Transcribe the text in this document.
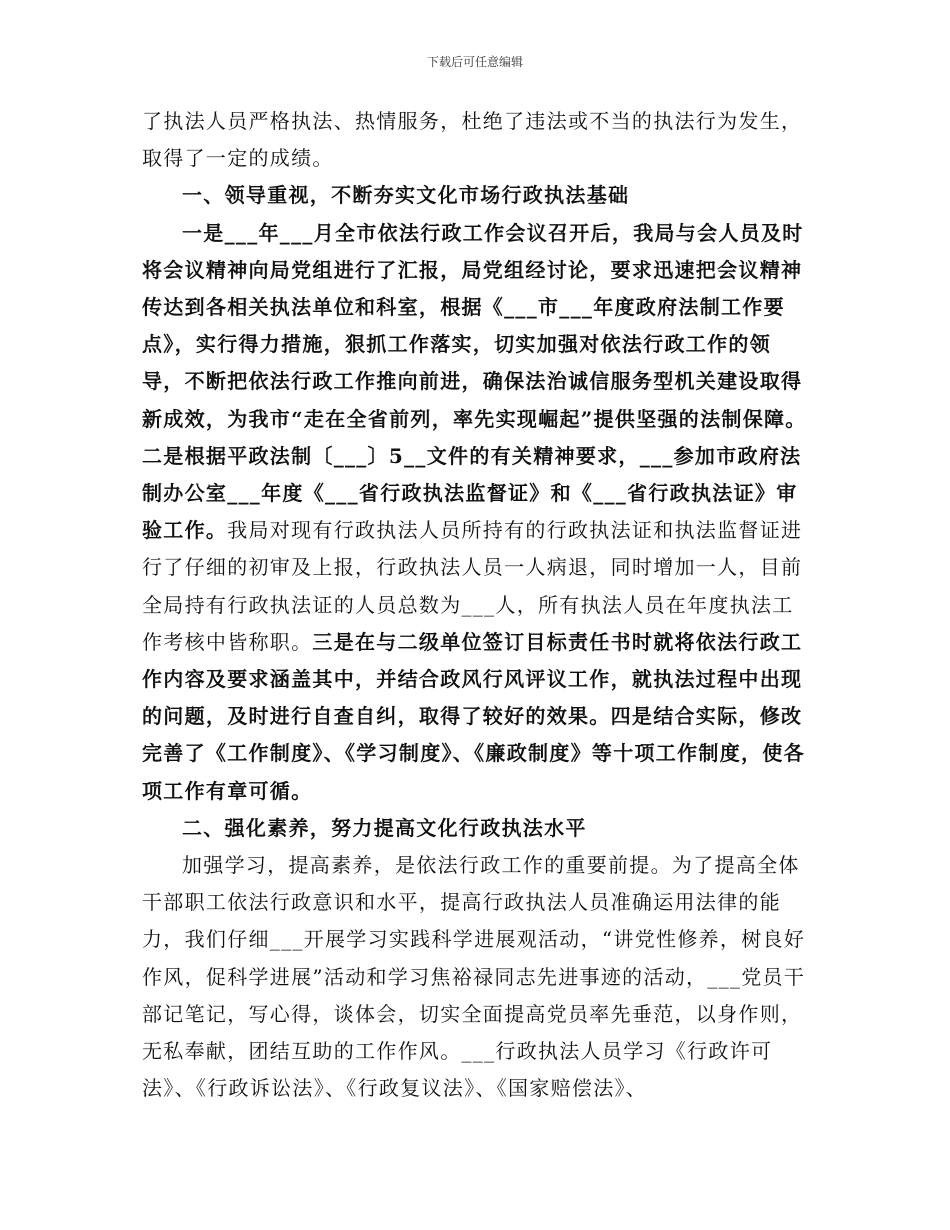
下载后可任意编辑

了执法人员严格执法、热情服务，杜绝了违法或不当的执法行为发生，取得了一定的成绩。

一、领导重视，不断夯实文化市场行政执法基础

一是___年___月全市依法行政工作会议召开后，我局与会人员及时将会议精神向局党组进行了汇报，局党组经讨论，要求迅速把会议精神传达到各相关执法单位和科室，根据《___市___年度政府法制工作要点》，实行得力措施，狠抓工作落实，切实加强对依法行政工作的领导，不断把依法行政工作推向前进，确保法治诚信服务型机关建设取得新成效，为我市“走在全省前列，率先实现崛起”提供坚强的法制保障。二是根据平政法制〔___〕5__文件的有关精神要求，___参加市政府法制办公室___年度《___省行政执法监督证》和《___省行政执法证》审验工作。我局对现有行政执法人员所持有的行政执法证和执法监督证进行了仔细的初审及上报，行政执法人员一人病退，同时增加一人，目前全局持有行政执法证的人员总数为___人，所有执法人员在年度执法工作考核中皆称职。三是在与二级单位签订目标责任书时就将依法行政工作内容及要求涵盖其中，并结合政风行风评议工作，就执法过程中出现的问题，及时进行自查自纠，取得了较好的效果。四是结合实际，修改完善了《工作制度》、《学习制度》、《廉政制度》等十项工作制度，使各项工作有章可循。

二、强化素养，努力提高文化行政执法水平

加强学习，提高素养，是依法行政工作的重要前提。为了提高全体干部职工依法行政意识和水平，提高行政执法人员准确运用法律的能力，我们仔细___开展学习实践科学进展观活动，“讲党性修养，树良好作风，促科学进展”活动和学习焦裕禄同志先进事迹的活动，___党员干部记笔记，写心得，谈体会，切实全面提高党员率先垂范，以身作则，无私奉献，团结互助的工作作风。___行政执法人员学习《行政许可法》、《行政诉讼法》、《行政复议法》、《国家赔偿法》、
